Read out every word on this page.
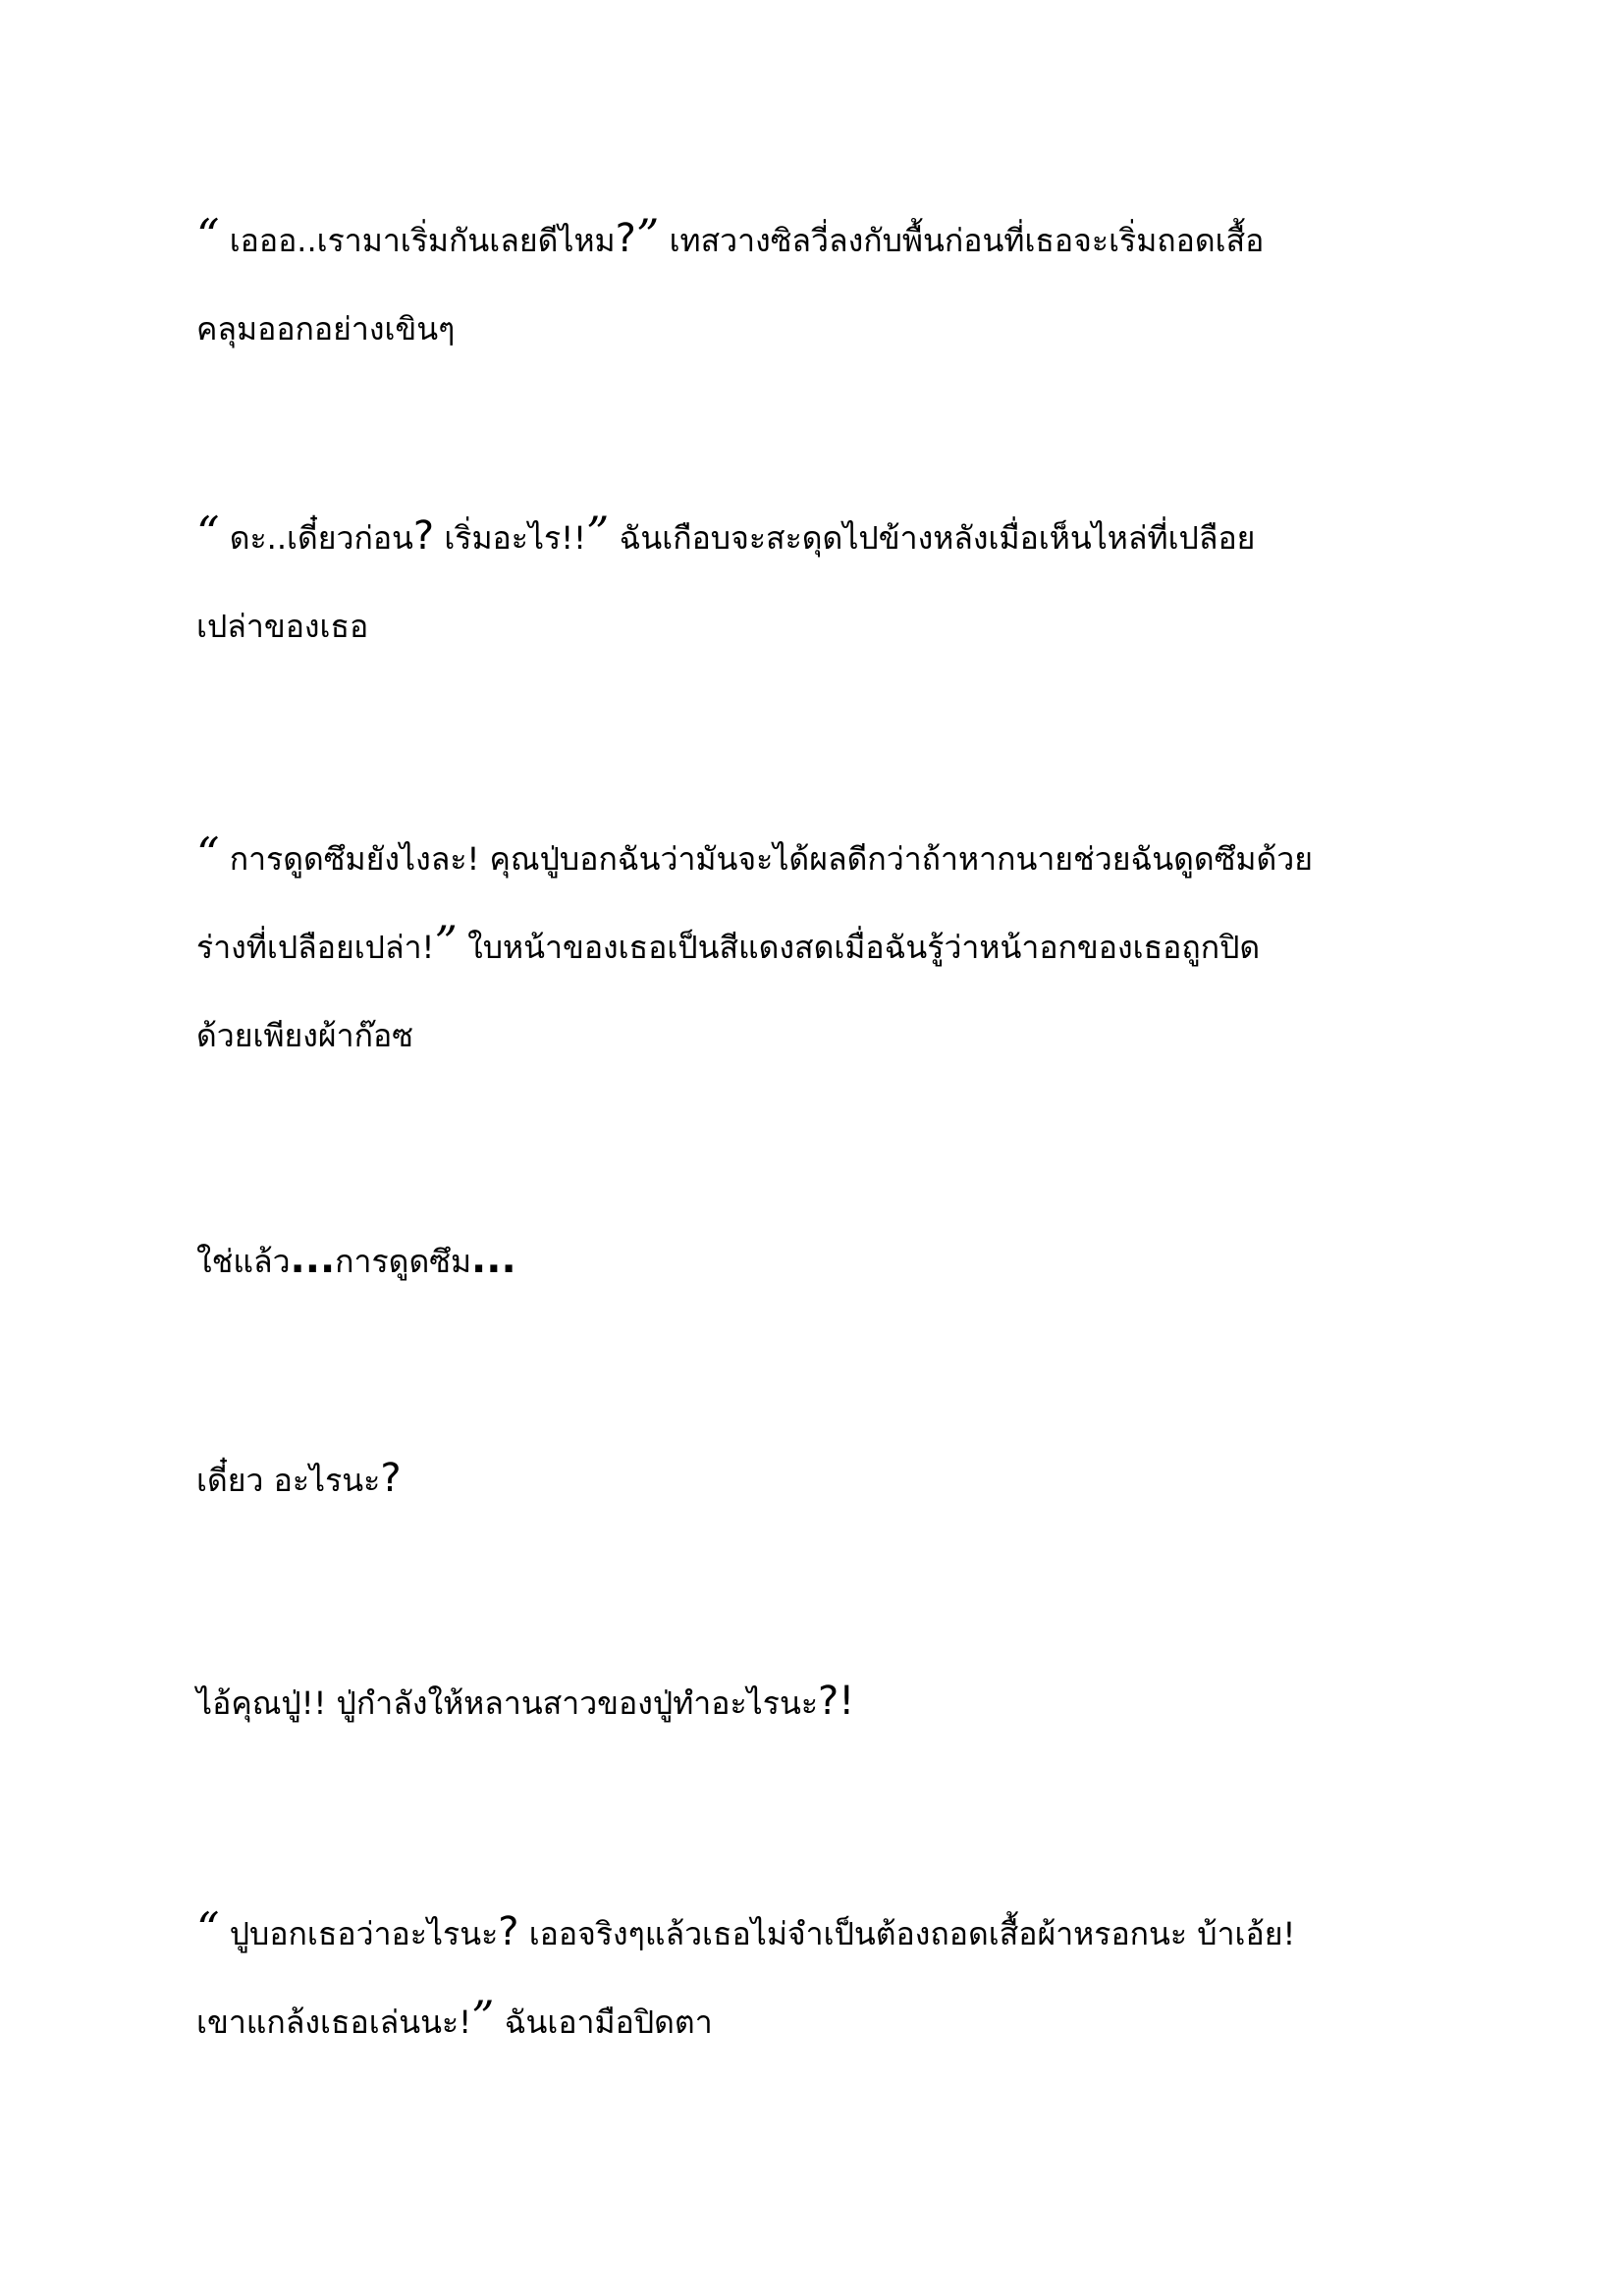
“ เอออ..เรามาเริ่มกันเลยดีไหม?” เทสวางซิลวี่ลงกับพื้นก่อนที่เธอจะเริ่มถอดเสื้อ
คลุมออกอย่างเขินๆ

“ ดะ..เดี๋ยวก่อน? เริ่มอะไร!!” ฉันเกือบจะสะดุดไปข้างหลังเมื่อเห็นไหล่ที่เปลือย
เปล่าของเธอ

“ การดูดซึมยังไงละ! คุณปู่บอกฉันว่ามันจะได้ผลดีกว่าถ้าหากนายช่วยฉันดูดซึมด้วย
ร่างที่เปลือยเปล่า!” ใบหน้าของเธอเป็นสีแดงสดเมื่อฉันรู้ว่าหน้าอกของเธอถูกปิด
ด้วยเพียงผ้าก๊อซ

ใช่แล้ว...การดูดซึม...

เดี๋ยว อะไรนะ?

ไอ้คุณปู่!! ปู่กำลังให้หลานสาวของปู่ทำอะไรนะ?!

“ ปูบอกเธอว่าอะไรนะ? เออจริงๆแล้วเธอไม่จำเป็นต้องถอดเสื้อผ้าหรอกนะ บ้าเอ้ย!
เขาแกล้งเธอเล่นนะ!” ฉันเอามือปิดตา
